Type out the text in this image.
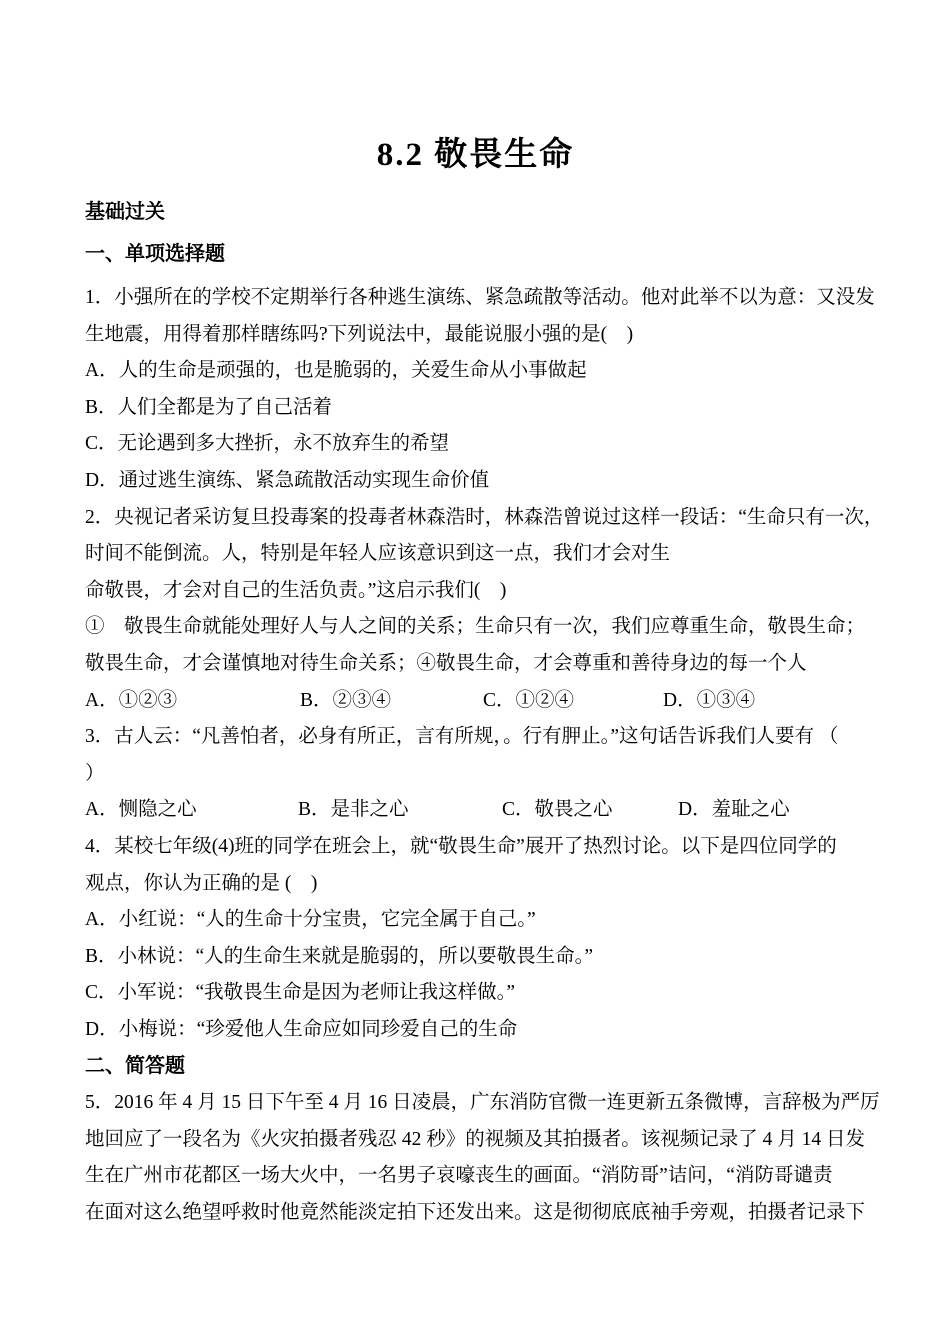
8.2 敬畏生命
基础过关
一、单项选择题
1．小强所在的学校不定期举行各种逃生演练、紧急疏散等活动。他对此举不以为意：又没发
生地震，用得着那样瞎练吗?下列说法中，最能说服小强的是(　)
A．人的生命是顽强的，也是脆弱的，关爱生命从小事做起
B．人们全都是为了自己活着
C．无论遇到多大挫折，永不放弃生的希望
D．通过逃生演练、紧急疏散活动实现生命价值
2．央视记者采访复旦投毒案的投毒者林森浩时，林森浩曾说过这样一段话：“生命只有一次，
时间不能倒流。人，特别是年轻人应该意识到这一点，我们才会对生
命敬畏，才会对自己的生活负责。”这启示我们(　)
①　敬畏生命就能处理好人与人之间的关系；生命只有一次，我们应尊重生命，敬畏生命；
敬畏生命，才会谨慎地对待生命关系；④敬畏生命，才会尊重和善待身边的每一个人
A．①②③	B．②③④	C．①②④	D．①③④
3．古人云：“凡善怕者，必身有所正，言有所规，。行有胛止。”这句话告诉我们人要有 （
）
A．恻隐之心	B．是非之心	C．敬畏之心	D．羞耻之心
4．某校七年级(4)班的同学在班会上，就“敬畏生命”展开了热烈讨论。以下是四位同学的
观点，你认为正确的是 (　)
A．小红说：“人的生命十分宝贵，它完全属于自己。”
B．小林说：“人的生命生来就是脆弱的，所以要敬畏生命。”
C．小军说：“我敬畏生命是因为老师让我这样做。”
D．小梅说：“珍爱他人生命应如同珍爱自己的生命
二、简答题
5．2016 年 4 月 15 日下午至 4 月 16 日凌晨，广东消防官微一连更新五条微博，言辞极为严厉
地回应了一段名为《火灾拍摄者残忍 42 秒》的视频及其拍摄者。该视频记录了 4 月 14 日发
生在广州市花都区一场大火中，一名男子哀嚎丧生的画面。“消防哥”诘问，“消防哥谴责
在面对这么绝望呼救时他竟然能淡定拍下还发出来。这是彻彻底底袖手旁观，拍摄者记录下
